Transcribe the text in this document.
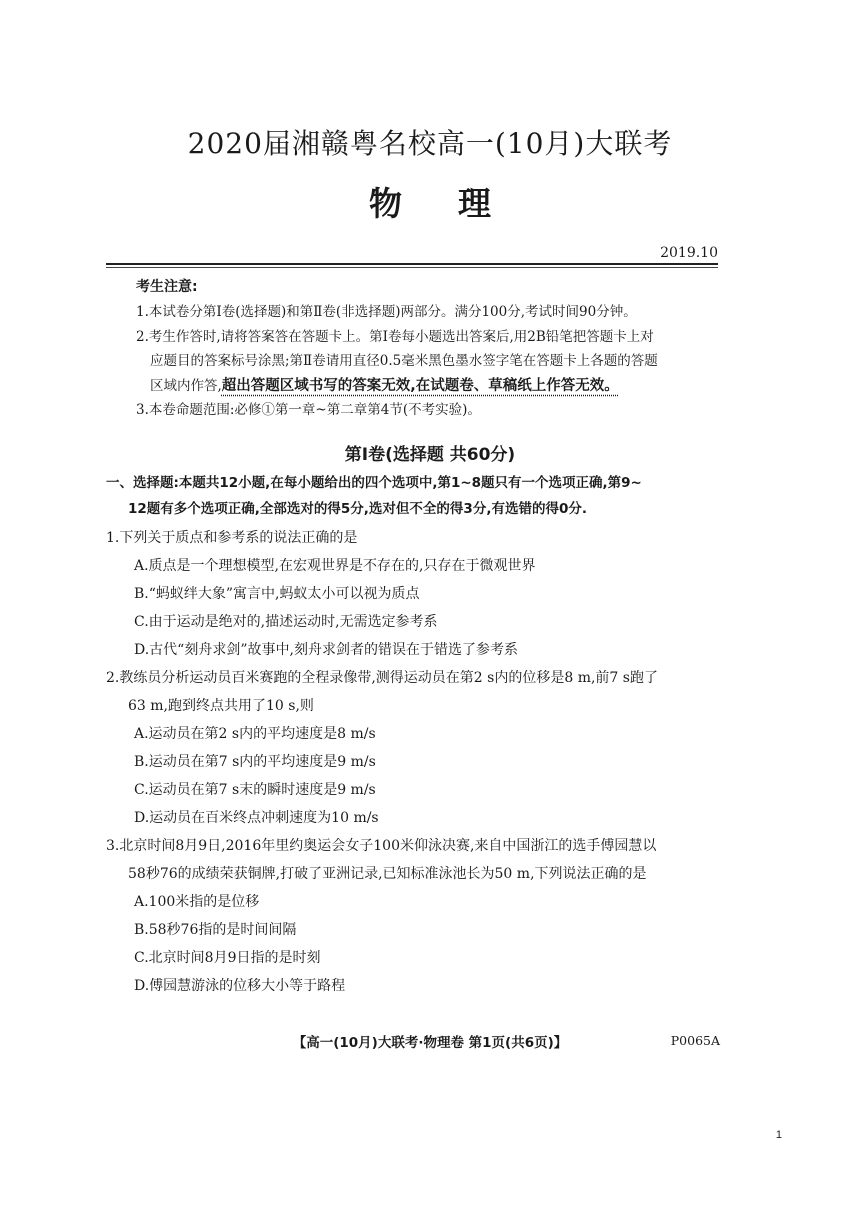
2020届湘赣粤名校高一(10月)大联考
物理
2019.10
考生注意:
1.本试卷分第Ⅰ卷(选择题)和第Ⅱ卷(非选择题)两部分。满分100分,考试时间90分钟。
2.考生作答时,请将答案答在答题卡上。第Ⅰ卷每小题选出答案后,用2B铅笔把答题卡上对
应题目的答案标号涂黑;第Ⅱ卷请用直径0.5毫米黑色墨水签字笔在答题卡上各题的答题
区域内作答,超出答题区域书写的答案无效,在试题卷、草稿纸上作答无效。
3.本卷命题范围:必修①第一章~第二章第4节(不考实验)。
第Ⅰ卷(选择题 共60分)
一、选择题:本题共12小题,在每小题给出的四个选项中,第1~8题只有一个选项正确,第9~
12题有多个选项正确,全部选对的得5分,选对但不全的得3分,有选错的得0分.
1.下列关于质点和参考系的说法正确的是
A.质点是一个理想模型,在宏观世界是不存在的,只存在于微观世界
B.“蚂蚁绊大象”寓言中,蚂蚁太小可以视为质点
C.由于运动是绝对的,描述运动时,无需选定参考系
D.古代“刻舟求剑”故事中,刻舟求剑者的错误在于错选了参考系
2.教练员分析运动员百米赛跑的全程录像带,测得运动员在第2 s内的位移是8 m,前7 s跑了
63 m,跑到终点共用了10 s,则
A.运动员在第2 s内的平均速度是8 m/s
B.运动员在第7 s内的平均速度是9 m/s
C.运动员在第7 s末的瞬时速度是9 m/s
D.运动员在百米终点冲刺速度为10 m/s
3.北京时间8月9日,2016年里约奥运会女子100米仰泳决赛,来自中国浙江的选手傅园慧以
58秒76的成绩荣获铜牌,打破了亚洲记录,已知标准泳池长为50 m,下列说法正确的是
A.100米指的是位移
B.58秒76指的是时间间隔
C.北京时间8月9日指的是时刻
D.傅园慧游泳的位移大小等于路程
【高一(10月)大联考·物理卷 第1页(共6页)】	P0065A
1
